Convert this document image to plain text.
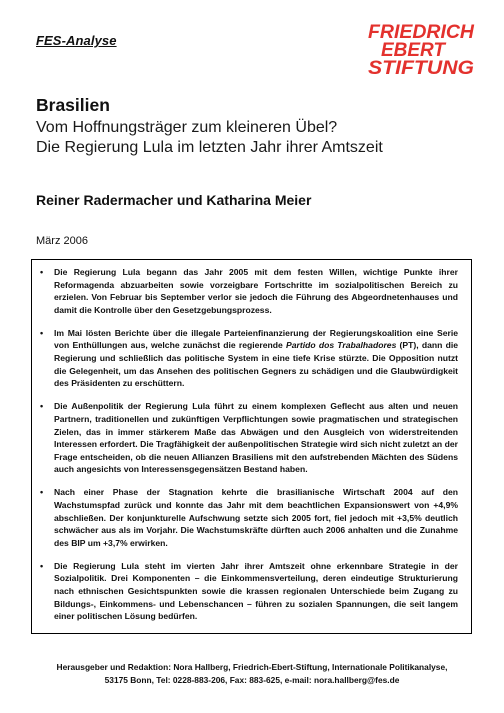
FES-Analyse	FRIEDRICH
EBERT
STIFTUNG
Brasilien
Vom Hoffnungsträger zum kleineren Übel?
Die Regierung Lula im letzten Jahr ihrer Amtszeit
Reiner Radermacher und Katharina Meier
März 2006
• Die Regierung Lula begann das Jahr 2005 mit dem festen Willen, wichtige Punkte ihrer Reformagenda abzuarbeiten sowie vorzeigbare Fortschritte im sozialpolitischen Bereich zu erzielen. Von Februar bis September verlor sie jedoch die Führung des Abgeordnetenhauses und damit die Kontrolle über den Gesetzgebungsprozess.
• Im Mai lösten Berichte über die illegale Parteienfinanzierung der Regierungskoalition eine Serie von Enthüllungen aus, welche zunächst die regierende Partido dos Trabalhadores (PT), dann die Regierung und schließlich das politische System in eine tiefe Krise stürzte. Die Opposition nutzt die Gelegenheit, um das Ansehen des politischen Gegners zu schädigen und die Glaubwürdigkeit des Präsidenten zu erschüttern.
• Die Außenpolitik der Regierung Lula führt zu einem komplexen Geflecht aus alten und neuen Partnern, traditionellen und zukünftigen Verpflichtungen sowie pragmatischen und strategischen Zielen, das in immer stärkerem Maße das Abwägen und den Ausgleich von widerstreitenden Interessen erfordert. Die Tragfähigkeit der außenpolitischen Strategie wird sich nicht zuletzt an der Frage entscheiden, ob die neuen Allianzen Brasiliens mit den aufstrebenden Mächten des Südens auch angesichts von Interessensgegensätzen Bestand haben.
• Nach einer Phase der Stagnation kehrte die brasilianische Wirtschaft 2004 auf den Wachstumspfad zurück und konnte das Jahr mit dem beachtlichen Expansionswert von +4,9% abschließen. Der konjunkturelle Aufschwung setzte sich 2005 fort, fiel jedoch mit +3,5% deutlich schwächer aus als im Vorjahr. Die Wachstumskräfte dürften auch 2006 anhalten und die Zunahme des BIP um +3,7% erwirken.
• Die Regierung Lula steht im vierten Jahr ihrer Amtszeit ohne erkennbare Strategie in der Sozialpolitik. Drei Komponenten – die Einkommensverteilung, deren eindeutige Strukturierung nach ethnischen Gesichtspunkten sowie die krassen regionalen Unterschiede beim Zugang zu Bildungs-, Einkommens- und Lebenschancen – führen zu sozialen Spannungen, die seit langem einer politischen Lösung bedürfen.
Herausgeber und Redaktion: Nora Hallberg, Friedrich-Ebert-Stiftung, Internationale Politikanalyse,
53175 Bonn, Tel: 0228-883-206, Fax: 883-625, e-mail: nora.hallberg@fes.de
